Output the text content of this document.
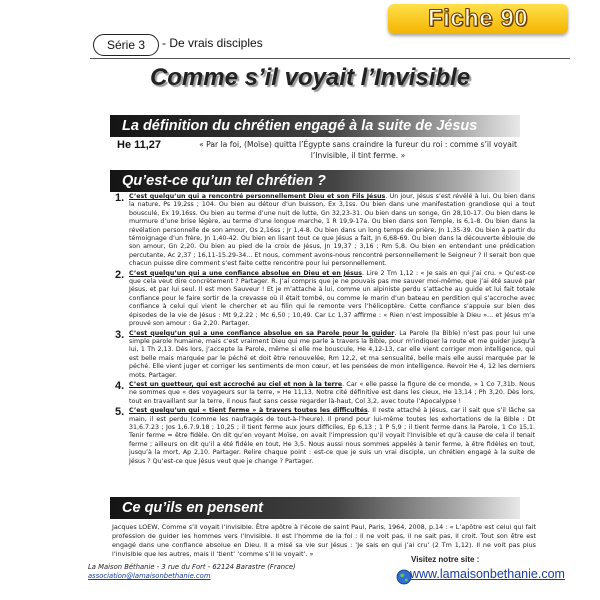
Fiche 90
Série 3	- De vrais disciples
Comme s’il voyait l’Invisible
La définition du chrétien engagé à la suite de Jésus
He 11,27	« Par la foi, (Moïse) quitta l’Égypte sans craindre la fureur du roi : comme s’il voyait l’Invisible, il tint ferme. »
Qu’est-ce qu’un tel chrétien ?
1. C’est quelqu’un qui a rencontré personnellement Dieu et son Fils Jésus. Un jour, Jésus s’est révélé à lui. Ou bien dans la nature, Ps 19,2ss ; 104. Ou bien au détour d’un buisson, Ex 3,1ss. Ou bien dans une manifestation grandiose qui a tout bousculé, Ex 19,16ss. Ou bien au terme d’une nuit de lutte, Gn 32,23-31. Ou bien dans un songe, Gn 28,10-17. Ou bien dans le murmure d’une brise légère, au terme d’une longue marche, 1 R 19,9-17a. Ou bien dans son Temple, Is 6,1-8. Ou bien dans la révélation personnelle de son amour, Os 2,16ss ; Jr 1,4-8. Ou bien dans un long temps de prière, Jn 1,35-39. Ou bien à partir du témoignage d’un frère, Jn 1,40-42. Ou bien en lisant tout ce que Jésus a fait, Jn 6,68-69. Ou bien dans la découverte éblouie de son amour, Gn 2,20. Ou bien au pied de la croix de Jésus, Jn 19,37 ; 3,16 ; Rm 5,8. Ou bien en entendant une prédication percutante, Ac 2,37 ; 16,11-15.29-34... Et nous, comment avons-nous rencontré personnellement le Seigneur ? Il serait bon que chacun puisse dire comment s’est faite cette rencontre pour lui personnellement.
2. C’est quelqu’un qui a une confiance absolue en Dieu et en Jésus. Lire 2 Tm 1,12 : « Je sais en qui j’ai cru. » Qu’est-ce que cela veut dire concrètement ? Partager. R. J’ai compris que je ne pouvais pas me sauver moi-même, que j’ai été sauvé par Jésus, et par lui seul. Il est mon Sauveur ! Et je m’attache à lui, comme un alpiniste perdu s’attache au guide et lui fait totale confiance pour le faire sortir de la crevasse où il était tombé, ou comme le marin d’un bateau en perdition qui s’accroche avec confiance à celui qui vient le chercher et au filin qui le remonte vers l’hélicoptère. Cette confiance s’appuie sur bien des épisodes de la vie de Jésus : Mt 9,2.22 ; Mc 6,50 ; 10,49. Car Lc 1,37 affirme : « Rien n’est impossible à Dieu »... et Jésus m’a prouvé son amour : Ga 2,20. Partager.
3. C’est quelqu’un qui a une confiance absolue en sa Parole pour le guider. La Parole (la Bible) n’est pas pour lui une simple parole humaine, mais c’est vraiment Dieu qui me parle à travers la Bible, pour m’indiquer la route et me guider jusqu’à lui, 1 Th 2,13. Dès lors, j’accepte la Parole, même si elle me bouscule, He 4,12-13, car elle vient corriger mon intelligence, qui est belle mais marquée par le péché et doit être renouvelée, Rm 12,2, et ma sensualité, belle mais elle aussi marquée par le péché. Elle vient juger et corriger les sentiments de mon cœur, et les pensées de mon intelligence. Revoir He 4, 12 les derniers mots. Partager.
4. C’est un guetteur, qui est accroché au ciel et non à la terre. Car « elle passe la figure de ce monde, » 1 Co 7,31b. Nous ne sommes que « des voyageurs sur la terre, » He 11,13. Notre cité définitive est dans les cieux, He 13,14 ; Ph 3,20. Dès lors, tout en travaillant sur la terre, il nous faut sans cesse regarder là-haut, Col 3,2, avec toute l’Apocalypse !
5. C’est quelqu’un qui « tient ferme » à travers toutes les difficultés. Il reste attaché à Jésus, car il sait que s’il lâche sa main, il est perdu (comme les naufragés de tout-à-l’heure). Il prend pour lui-même toutes les exhortations de la Bible : Dt 31,6.7.23 ; Jos 1,6.7.9.18 ; 10,25 ; il tient ferme aux jours difficiles, Ep 6,13 ; 1 P 5,9 ; il tient ferme dans la Parole, 1 Co 15,1. Tenir ferme = être fidèle. On dit qu’en voyant Moïse, on avait l’impression qu’il voyait l’Invisible et qu’à cause de cela il tenait ferme ; ailleurs on dit qu’il a été fidèle en tout, He 3,5. Nous aussi nous sommes appelés à tenir ferme, à être fidèles en tout, jusqu’à la mort, Ap 2,10. Partager. Relire chaque point : est-ce que je suis un vrai disciple, un chrétien engagé à la suite de Jésus ? Qu’est-ce que Jésus veut que je change ? Partager.
Ce qu’ils en pensent
Jacques LOEW, Comme s’il voyait l’invisible. Être apôtre à l’école de saint Paul, Paris, 1964, 2008, p.14 : « L’apôtre est celui qui fait profession de guider les hommes vers l’Invisible. Il est l’homme de la foi : il ne voit pas, il ne sait pas, il croit. Tout son être est engagé dans une confiance absolue en Dieu. Il a misé sa vie sur Jésus : ‘Je sais en qui j’ai cru’ (2 Tm 1,12). Il ne voit pas plus l’invisible que les autres, mais il ‘tient’ ‘comme s’il le voyait’. »
La Maison Béthanie - 3 rue du Fort - 62124 Barastre (France)
association@lamaisonbethanie.com
Visitez notre site :
www.lamaisonbethanie.com
